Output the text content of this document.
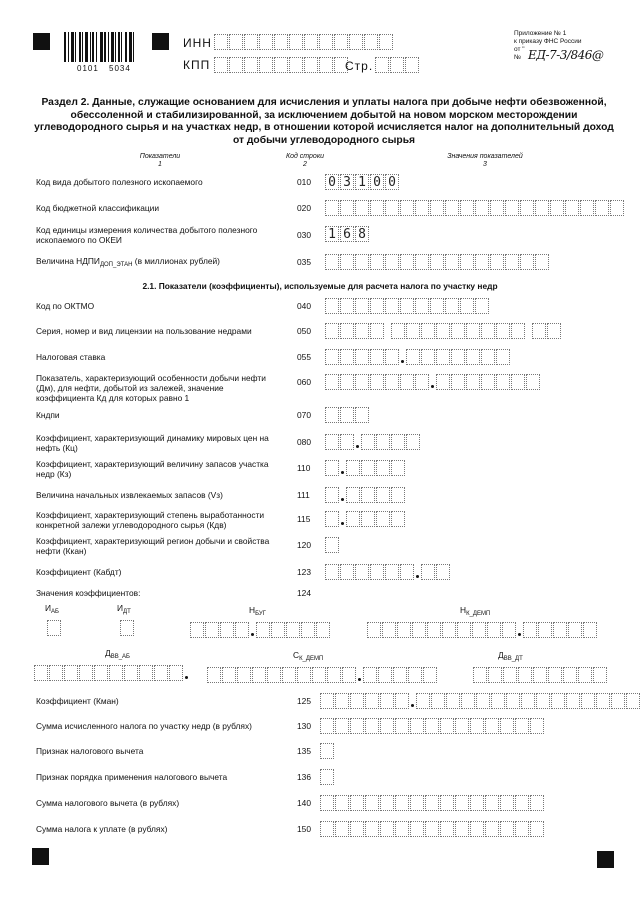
0101 5034
ИНН
КПП	Стр.
Приложение № 1
к приказу ФНС России
от "
№ ЕД-7-3/846@
Раздел 2. Данные, служащие основанием для исчисления и уплаты налога при добыче нефти обезвоженной, обессоленной и стабилизированной, за исключением добытой на новом морском месторождении углеводородного сырья и на участках недр, в отношении которой исчисляется налог на дополнительный доход от добычи углеводородного сырья
Показатели
1
Код строки
2
Значения показателей
3
Код вида добытого полезного ископаемого	010 0 3 1 0 0
Код бюджетной классификации	020
Код единицы измерения количества добытого полезного ископаемого по ОКЕИ	030 1 6 8
Величина $НДПИ_{ДОП\_ЭТАН}$ (в миллионах рублей)	035
2.1. Показатели (коэффициенты), используемые для расчета налога по участку недр
Код по ОКТМО	040
Серия, номер и вид лицензии на пользование недрами	050
Налоговая ставка	055
Показатель, характеризующий особенности добычи нефти (Дм), для нефти, добытой из залежей, значение коэффициента Кд для которых равно 1
060
Кндпи	070
Коэффициент, характеризующий динамику мировых цен на нефть (Кц)
080
Коэффициент, характеризующий величину запасов участка недр (Кз)
110
Величина начальных извлекаемых запасов (Vз)	111
Коэффициент, характеризующий степень выработанности конкретной залежи углеводородного сырья (Кдв)
115
Коэффициент, характеризующий регион добычи и свойства нефти (Ккан)
120
Коэффициент (Кабдт)	123
Значения коэффициентов:	124
$И_{АБ}$	$И_{ДТ}$	$Н_{БУГ}$	$Н_{К\_ДЕМП}$
$Д_{ВВ\_АБ}$	$С_{К\_ДЕМП}$	$Д_{ВВ\_ДТ}$
Коэффициент (Кман)	125
Сумма исчисленного налога по участку недр (в рублях)	130
Признак налогового вычета	135
Признак порядка применения налогового вычета	136
Сумма налогового вычета (в рублях)	140
Сумма налога к уплате (в рублях)	150
